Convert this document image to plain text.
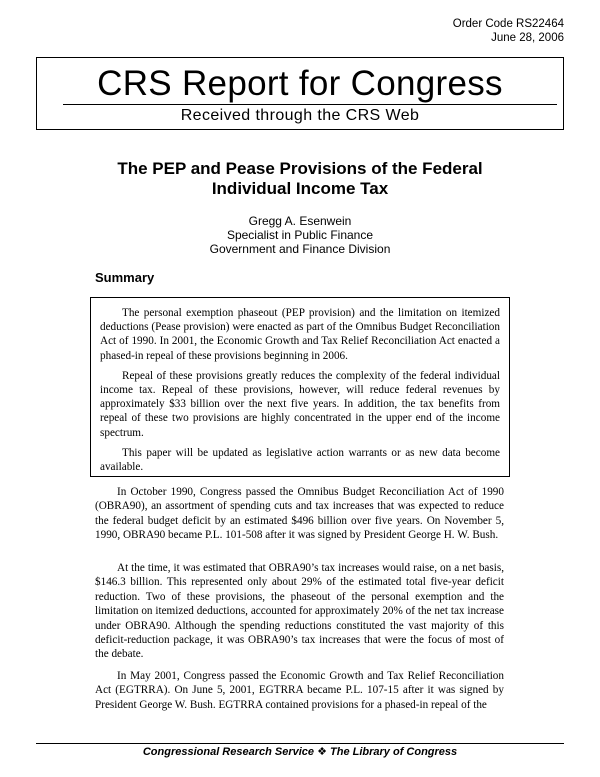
Order Code RS22464
June 28, 2006
CRS Report for Congress
Received through the CRS Web
The PEP and Pease Provisions of the Federal
Individual Income Tax
Gregg A. Esenwein
Specialist in Public Finance
Government and Finance Division
Summary

The personal exemption phaseout (PEP provision) and the limitation on itemized deductions (Pease provision) were enacted as part of the Omnibus Budget Reconciliation Act of 1990. In 2001, the Economic Growth and Tax Relief Reconciliation Act enacted a phased-in repeal of these provisions beginning in 2006.

Repeal of these provisions greatly reduces the complexity of the federal individual income tax. Repeal of these provisions, however, will reduce federal revenues by approximately $33 billion over the next five years. In addition, the tax benefits from repeal of these two provisions are highly concentrated in the upper end of the income spectrum.

This paper will be updated as legislative action warrants or as new data become available.

In October 1990, Congress passed the Omnibus Budget Reconciliation Act of 1990 (OBRA90), an assortment of spending cuts and tax increases that was expected to reduce the federal budget deficit by an estimated $496 billion over five years. On November 5, 1990, OBRA90 became P.L. 101-508 after it was signed by President George H. W. Bush.

At the time, it was estimated that OBRA90’s tax increases would raise, on a net basis, $146.3 billion. This represented only about 29% of the estimated total five-year deficit reduction. Two of these provisions, the phaseout of the personal exemption and the limitation on itemized deductions, accounted for approximately 20% of the net tax increase under OBRA90. Although the spending reductions constituted the vast majority of this deficit-reduction package, it was OBRA90’s tax increases that were the focus of most of the debate.

In May 2001, Congress passed the Economic Growth and Tax Relief Reconciliation Act (EGTRRA). On June 5, 2001, EGTRRA became P.L. 107-15 after it was signed by President George W. Bush. EGTRRA contained provisions for a phased-in repeal of the

Congressional Research Service ❖ The Library of Congress
